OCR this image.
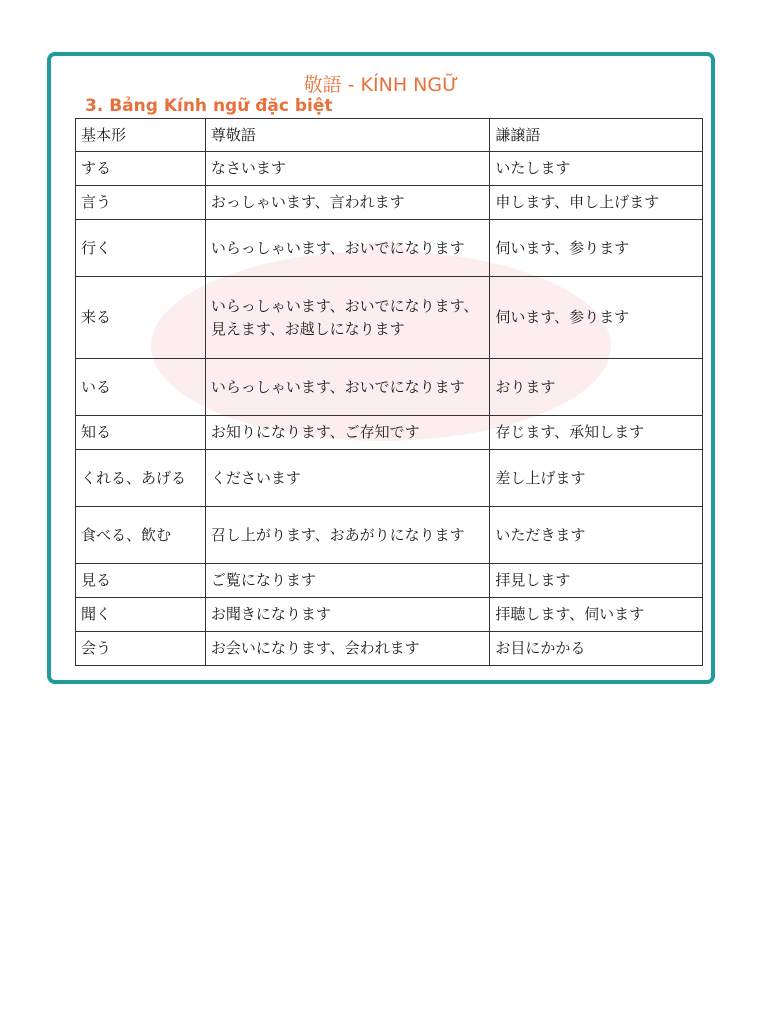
敬語 - KÍNH NGỮ
3. Bảng Kính ngữ đặc biệt
基本形	尊敬語	謙譲語
する	なさいます	いたします
言う	おっしゃいます、言われます	申します、申し上げます
行く	いらっしゃいます、おいでになります	伺います、参ります
来る	いらっしゃいます、おいでになります、見えます、お越しになります	伺います、参ります
いる	いらっしゃいます、おいでになります	おります
知る	お知りになります、ご存知です	存じます、承知します
くれる、あげる	くださいます	差し上げます
食べる、飲む	召し上がります、おあがりになります	いただきます
見る	ご覧になります	拝見します
聞く	お聞きになります	拝聴します、伺います
会う	お会いになります、会われます	お目にかかる
